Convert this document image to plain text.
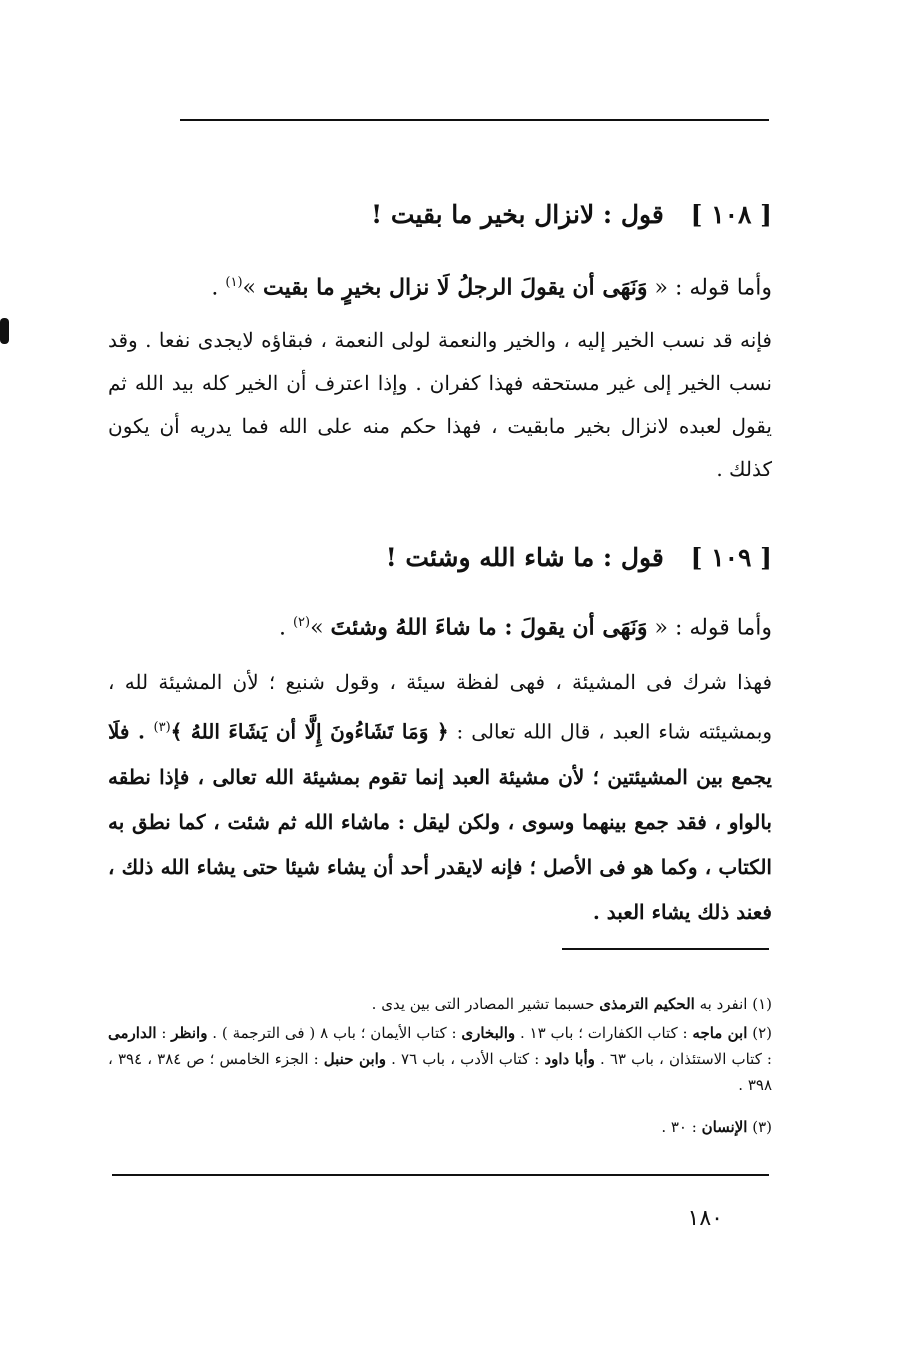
[ ١٠٨ ] قول : لانزال بخير ما بقيت !
وأما قوله : « وَنَهَى أن يقولَ الرجلُ لَا نزال بخيرٍ ما بقيت »$^{(١)}$ .
فإنه قد نسب الخير إليه ، والخير والنعمة لولى النعمة ، فبقاؤه لايجدى نفعا . وقد نسب الخير إلى غير مستحقه فهذا كفران . وإذا اعترف أن الخير كله بيد الله ثم يقول لعبده لانزال بخير مابقيت ، فهذا حكم منه على الله فما يدريه أن يكون كذلك .
[ ١٠٩ ] قول : ما شاء الله وشئت !
وأما قوله : « وَنَهَى أن يقولَ : ما شاءَ اللهُ وشئتَ »$^{(٢)}$ .
فهذا شرك فى المشيئة ، فهى لفظة سيئة ، وقول شنيع ؛ لأن المشيئة لله ، وبمشيئته شاء العبد ، قال الله تعالى : ﴿ وَمَا تَشَاءُونَ إِلَّا أن يَشَاءَ اللهُ ﴾$^{(٣)}$ . فلَا يجمع بين المشيئتين ؛ لأن مشيئة العبد إنما تقوم بمشيئة الله تعالى ، فإذا نطقه بالواو ، فقد جمع بينهما وسوى ، ولكن ليقل : ماشاء الله ثم شئت ، كما نطق به الكتاب ، وكما هو فى الأصل ؛ فإنه لايقدر أحد أن يشاء شيئا حتى يشاء الله ذلك ، فعند ذلك يشاء العبد .
(١) انفرد به الحكيم الترمذى حسبما تشير المصادر التى بين يدى .
(٢) ابن ماجه : كتاب الكفارات ؛ باب ١٣ . والبخارى : كتاب الأيمان ؛ باب ٨ ( فى الترجمة ) . وانظر : الدارمى : كتاب الاستئذان ، باب ٦٣ . وأبا داود : كتاب الأدب ، باب ٧٦ . وابن حنبل : الجزء الخامس ؛ ص ٣٨٤ ، ٣٩٤ ، ٣٩٨ .
(٣) الإنسان : ٣٠ .
١٨٠
